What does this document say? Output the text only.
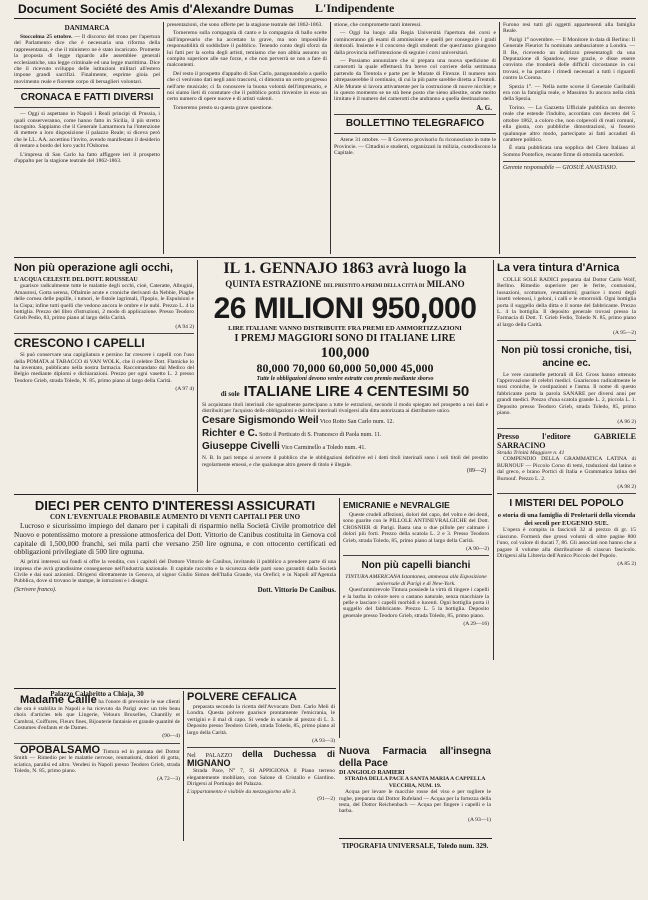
Document Société des Amis d'Alexandre Dumas L'Indipendente
DANIMARCA

Stoccolma 25 ottobre. — Il discorso del trono per l'apertura del Parlamento dice che è necessaria una riforma della rappresentanza, e che il ministero ne è stato incaricato. Promette la proposta di legge riguardo alle assemblee generali ecclesiastiche, una legge criminale ed una legge marittima. Dice che il ricevuto sviluppo delle istituzioni militari all'estero impone grandi sacrifizi. Finalmente, esprime gioia pel movimento reale e fiorente corpo di bersaglieri volontari.

CRONACA E FATTI DIVERSI

— Oggi si aspettano in Napoli i Reali principi di Prussia, i quali conserveranno, come hanno fatto in Sicilia, il più stretto incognito. Sappiamo che il Generale Lamarmora ha l'intenzione di mettere a loro disposizione il palazzo Reale; si diceva però che le LL. AA. accettino l'invito, avendo manifestato il desiderio di restare a bordo del loro yacht l'Osborne.

L'impresa di San Carlo ha fatto affiggere ieri il prospetto d'appalto per la stagione teatrale del 1862-1863.

presentazioni, che sono offerte per la stagione teatrale del 1862-1863.

Torneremo sulla compagnia di canto e la compagnia di ballo scelte dall'impresario che ha accettato la grave, ma non impossibile responsabilità di soddisfare il pubblico. Tenendo conto degli sforzi da lui fatti per la scelta degli artisti, temiamo che non abbia assunto un compito superiore alle sue forze, e che non perverrà se non a fare di malcontenti.

Del resto il prospetto d'appalto di San Carlo, paragonandolo a quello che ci venivano dati negli anni trascorsi, ci dimostra un certo progresso nell'arte musicale; ci fa conoscere la buona volontà dell'impresario, e noi siamo lieti di constatare che il pubblico potrà rinvenire in esso un certo numero di opere nuove e di artisti valenti.

Torneremo presto su questa grave questione.

stione, che compromette tanti interessi.

— Oggi ha luogo alla Regia Università l'apertura dei corsi e cominceranno gli esami di ammissione e quelli per conseguire i gradi dottorali. Insieme è il concorso degli studenti che quest'anno giungono dalla provincia nell'intenzione di seguire i corsi universitari.

— Possiamo annunziare che si prepara una nuova spedizione di camerotti la quale effettuerà fra breve col corriere della settimana partendo da Trentola e parte per le Murate di Firenze. Il numero non oltrepasserebbe il centinaio, di cui la più parte sarebbe diretta a Trentoli. Alle Murate si lavora attivamente per la costruzione di nuove nicchie; e in questo momento se ne stà bene posto che sieno allestite, onde molto limitato è il numero dei camerotti che andranno a quella destinazione.

A. G.
BOLLETTINO TELEGRAFICO

Atene 31 ottobre. — Il Governo provisorio fu riconosciuto in tutte le Provincie. — Cittadini e studenti, organizzati in milizia, custodiscono la Capitale.

Furono resi tutti gli oggetti appartenenti alla famiglia Reale.

Parigi 1° novembre. — Il Monitore in data di Berlino: Il Generale Fleuriot fu nominato ambasciatore a Londra. — Il Re, ricevendo un indirizzo presentatogli da una Deputazione di Spandow, rese grazie, e disse essere convinto che tronderà delle difficili circostanze in cui trovasi, e ha portato i rimedi necessari a tutti i riguardi contro la Corona.

Spezia 1°. — Nella notte scorse il Generale Garibaldi era con la famiglia reale, e Massimo fu ancora nella città della Spezia.

Torino. — La Gazzetta Ufficiale pubblica un decreto reale che estende l'indulto, accordato con decreto del 5 ottobre 1862, a coloro che, non colpevoli di reati comuni, ella giusta, con pubbliche dimostrazioni, si fossero qualunque altro modo, partecipato ai fatti accaduti di carattere politico.

È stata pubblicata una sopplica del Clero Italiano al Sommo Pontefice, recante firme di ottomila sacerdoti.

Gerente responsabile — GIOSUÈ ANASTASIO.
Non più operazione agli occhi,
L'ACQUA CELESTE DEL DOTT. ROUSSEAU

guarisce radicalmente tutte le malattie degli occhi, cioè, Cateratte, Albugini, Amaurosi, Gotta serena, Oftalmie acute e croniche derivanti da Nebbie, Piaghe delle cornea delle pupille, i tumori, le fistole lagrimali, l'Ipopio, le Espulsioni e la Cispa; infine tutti quelli che vedono ancora le ombre e le nubi. Prezzo L. 4 la bottiglia. Prezzo del libro d'istruzioni, 2 modo di applicazione. Presso Teodoro Grieb Pedio, 83, primo piano al largo della Carità.

(A 94 2)
CRESCONO I CAPELLI

Si può conservare una capigliatura e persino far crescere i capelli con l'uso della POMATA al TABACCO di VAN WOLK, che il celebre Dott. Flamicke lo ha inventato, pubblicato nella nostra farmacia. Raccomandato dal Medico del Belgio mediante diplomi e dichiarazioni. Prezzo per ogni vasetto L. 2 presso Teodoro Grieb, strada Toledo, N. 85, primo piano al largo della Carità.

(A 97 4)
IL 1. GENNAJO 1863 avrà luogo la
QUINTA ESTRAZIONE DEL PRESTITO A PREMI DELLA CITTÀ DI MILANO
26 MILIONI 950,000
LIRE ITALIANE VANNO DISTRIBUITE FRA PREMI ED AMMORTIZZAZIONI
I PREMJ MAGGIORI SONO DI ITALIANE LIRE
100,000
80,000 70,000 60,000 50,000 45,000
Tutte le obbligazioni devono venire estratte con premio mediante sborso
di sole ITALIANE LIRE 4 CENTESIMI 50
Si acquistano titoli interinali che ugualmente partecipano a tutte le estrazioni, secondo il modo spiegato nel prospetto a noi dati e distribuiti per l'acquisto delle obbligazioni e dei titoli interinali rivolgersi alla ditta autorizzata ai distributore unico.
Cesare Sigismondo Weil Vico Rotto San Carlo num. 12.
Richter e C. Sotto il Porticato di S. Francesco di Paola num. 11.
Giuseppe Civelli Vico Carminello a Toledo num. 41.
N. B. In pari tempo si avverte il pubblico che le obbligazioni definitive ed i detti titoli interinali sono i soli titoli del prestito regolarmente emessi, e che qualunque altro genere di titolo è illegale.
(89—2)
La vera tintura d'Arnica

COLLE SOLE RADICI preparata dal Dottor Carlo Wolf, Berlino. Rimedio superiore per le ferite, contusioni, lussazioni, scottature, reumatismi; guarisce i morsi degli insetti velenosi, i geloni, i calli e le emorroidi. Ogni bottiglia porta il suggello della ditta e il nome del fabbricante. Prezzo L. 4 la bottiglia. Il deposito generale trovasi presso la Farmacia di Dott. T. Grieb Fedio, Toledo N. 85, primo piano al largo della Carità.

(A 95—2)
Non più tossi croniche, tisi, ancine ec.

Le vere caramelle pettorali di Ed. Gross hanno ottenuto l'approvazione di celebri medici. Guariscono radicalmente le tossi croniche, le costipazioni e l'asma. Il nome di questo fabbricante porta la parola SANARE per diversi anni per grandi medici. Prezzo d'una scatola grande L. 2, piccola L. 1. Deposito presso Teodoro Grieb, strada Toledo, 85, primo piano.

(A 96 2)
Presso l'editore GABRIELE SARRACINO
Strada Trinità Maggiore n. 41

COMPENDIO DELLA GRAMMATICA LATINA di BURNOUF — Piccolo Corso di temi, traduzioni dal latino e dal greco, e brano Portici di Italia e Grammatica latina del Burnouf. Prezzo L. 2.

(A 98 2)
I MISTERI DEL POPOLO
o storia di una famiglia di Proletarii della vicenda dei secoli per EUGENIO SUE.

L'opera è compita in fascicoli 32 al prezzo di gr. 15 ciascuno. Formerà due grossi volumi di oltre pagine 800 l'uno, col valore di ducati 7, 86. Gli associati non hanno che a pagare il volume alla distribuzione di ciascun fascicolo. Dirigersi alla Libreria dell'Amico Piccolo del Popolo.

(A 85 2)
DIECI PER CENTO D'INTERESSI ASSICURATI
CON L'EVENTUALE PROBABILE AUMENTO DI VENTI CAPITALI PER UNO

Lucroso e sicurissimo impiego del danaro per i capitali di risparmio nella Società Civile promotrice del Nuovo e potentissimo motore a pressione atmosferica del Dott. Vittorio de Canibus costituita in Genova col capitale di 1,500,000 franchi, sei mila parti che versano 250 lire ognuna, e con ottocento certificati ed obbligazioni privilegiate di 500 lire ognuna.

Ai primi interessi sui fondi si offre la vendita, con i capitoli del Dottore Vittorio de Canibus, invitando il pubblico a prendere parte di una impresa che avrà grandissime conseguenze nell'industria nazionale. Il capitale raccolto e la sicurezza delle parti sono garantiti dalla Società Civile e dai suoi azionisti. Dirigersi direttamente in Genova, al signor Giulio Simon dell'Italia Grande, via Orefici; e in Napoli all'Agenzia Pubblica, dove si trovano le stampe, le istruzioni e i disegni.

(Scrivere franco).	Dott. Vittorio De Canibus.
EMICRANIE e NEVRALGIE

Queste crudeli affezioni, dolori del capo, del volto e dei denti, sono guarite con le PILLOLE ANTINEVRALGICHE del Dott. CROSNIER di Parigi. Basta una o due pillole per calmare i dolori più forti. Prezzo della scatola L. 2 e 3. Presso Teodoro Grieb, strada Toledo, 85, primo piano al largo della Carità.

(A 90—2)
Non più capelli bianchi
TINTURA AMERICANA Istantanea, ammessa alla Esposizione universale di Parigi e di New-York.

Quest'ammirevole Tintura possiede la virtù di tingere i capelli e la barba in colore nero o castano naturale, senza macchiare la pelle e lasciare i capelli morbidi e lucenti. Ogni bottiglia porta il suggello del fabbricante. Prezzo L. 5 la bottiglia. Deposito generale presso Teodoro Grieb, strada Toledo, 85, primo piano.

(A 29—16)
Palazzo Calabritto a Chiaja, 30

Madame Caille ha l'onore di prevenire le sue clienti che ora è stabilita in Napoli e ha ricevuto da Parigi avec un très beau choix d'articles tels que Lingerie, Velours Bruxelles, Chantilly et Cambrai, Coiffures, Fleurs fines, Bijouterie fantaisie et grande quantité de Costumes d'enfants et de Dames.

(90—4)

OPOBALSAMO Tintura ed in pomata del Dottor Smith — Rimedio per le malattie nervose, reumatismi, dolori di gotta, sciatica, paralisi ed altro. Vendesi in Napoli presso Teodoro Grieb, strada Toledo, N. 85, primo piano.

(A 72—3)
POLVERE CEFALICA

preparata secondo la ricetta dell'Avvocato Dott. Carlo Meli di Londra. Questa polvere guarisce prontamente l'emicrania, le vertigini e il mal di capo. Si vende in scatole al prezzo di L. 3. Deposito presso Teodoro Grieb, strada Toledo, 85, primo piano al largo della Carità.

(A 93—3)
Nel PALAZZO della Duchessa di MIGNANO

Strada Pace, N° 7, SI APPIGIONA il Piano terreno elegantemente mobiliato, con Salone di Cristallo e Giardino. Dirigersi al Portinajo del Palazzo.

L'appartamento è visibile da mezzogiorno alle 3.
(91—2)
Nuova Farmacia all'insegna della Pace
DI ANGIOLO RAMIERI
STRADA DELLA PACE A SANTA MARIA A CAPPELLA VECCHIA, NUM. 19.

Acqua per levare le macchie rosse del viso e per togliere le rughe, preparata dal Dottor Rufeland — Acqua per la fortezza della testa, del Dottor Reichenbach — Acqua per fingere i capelli e la barba.

(A 93—1)
TIPOGRAFIA UNIVERSALE, Toledo num. 329.
